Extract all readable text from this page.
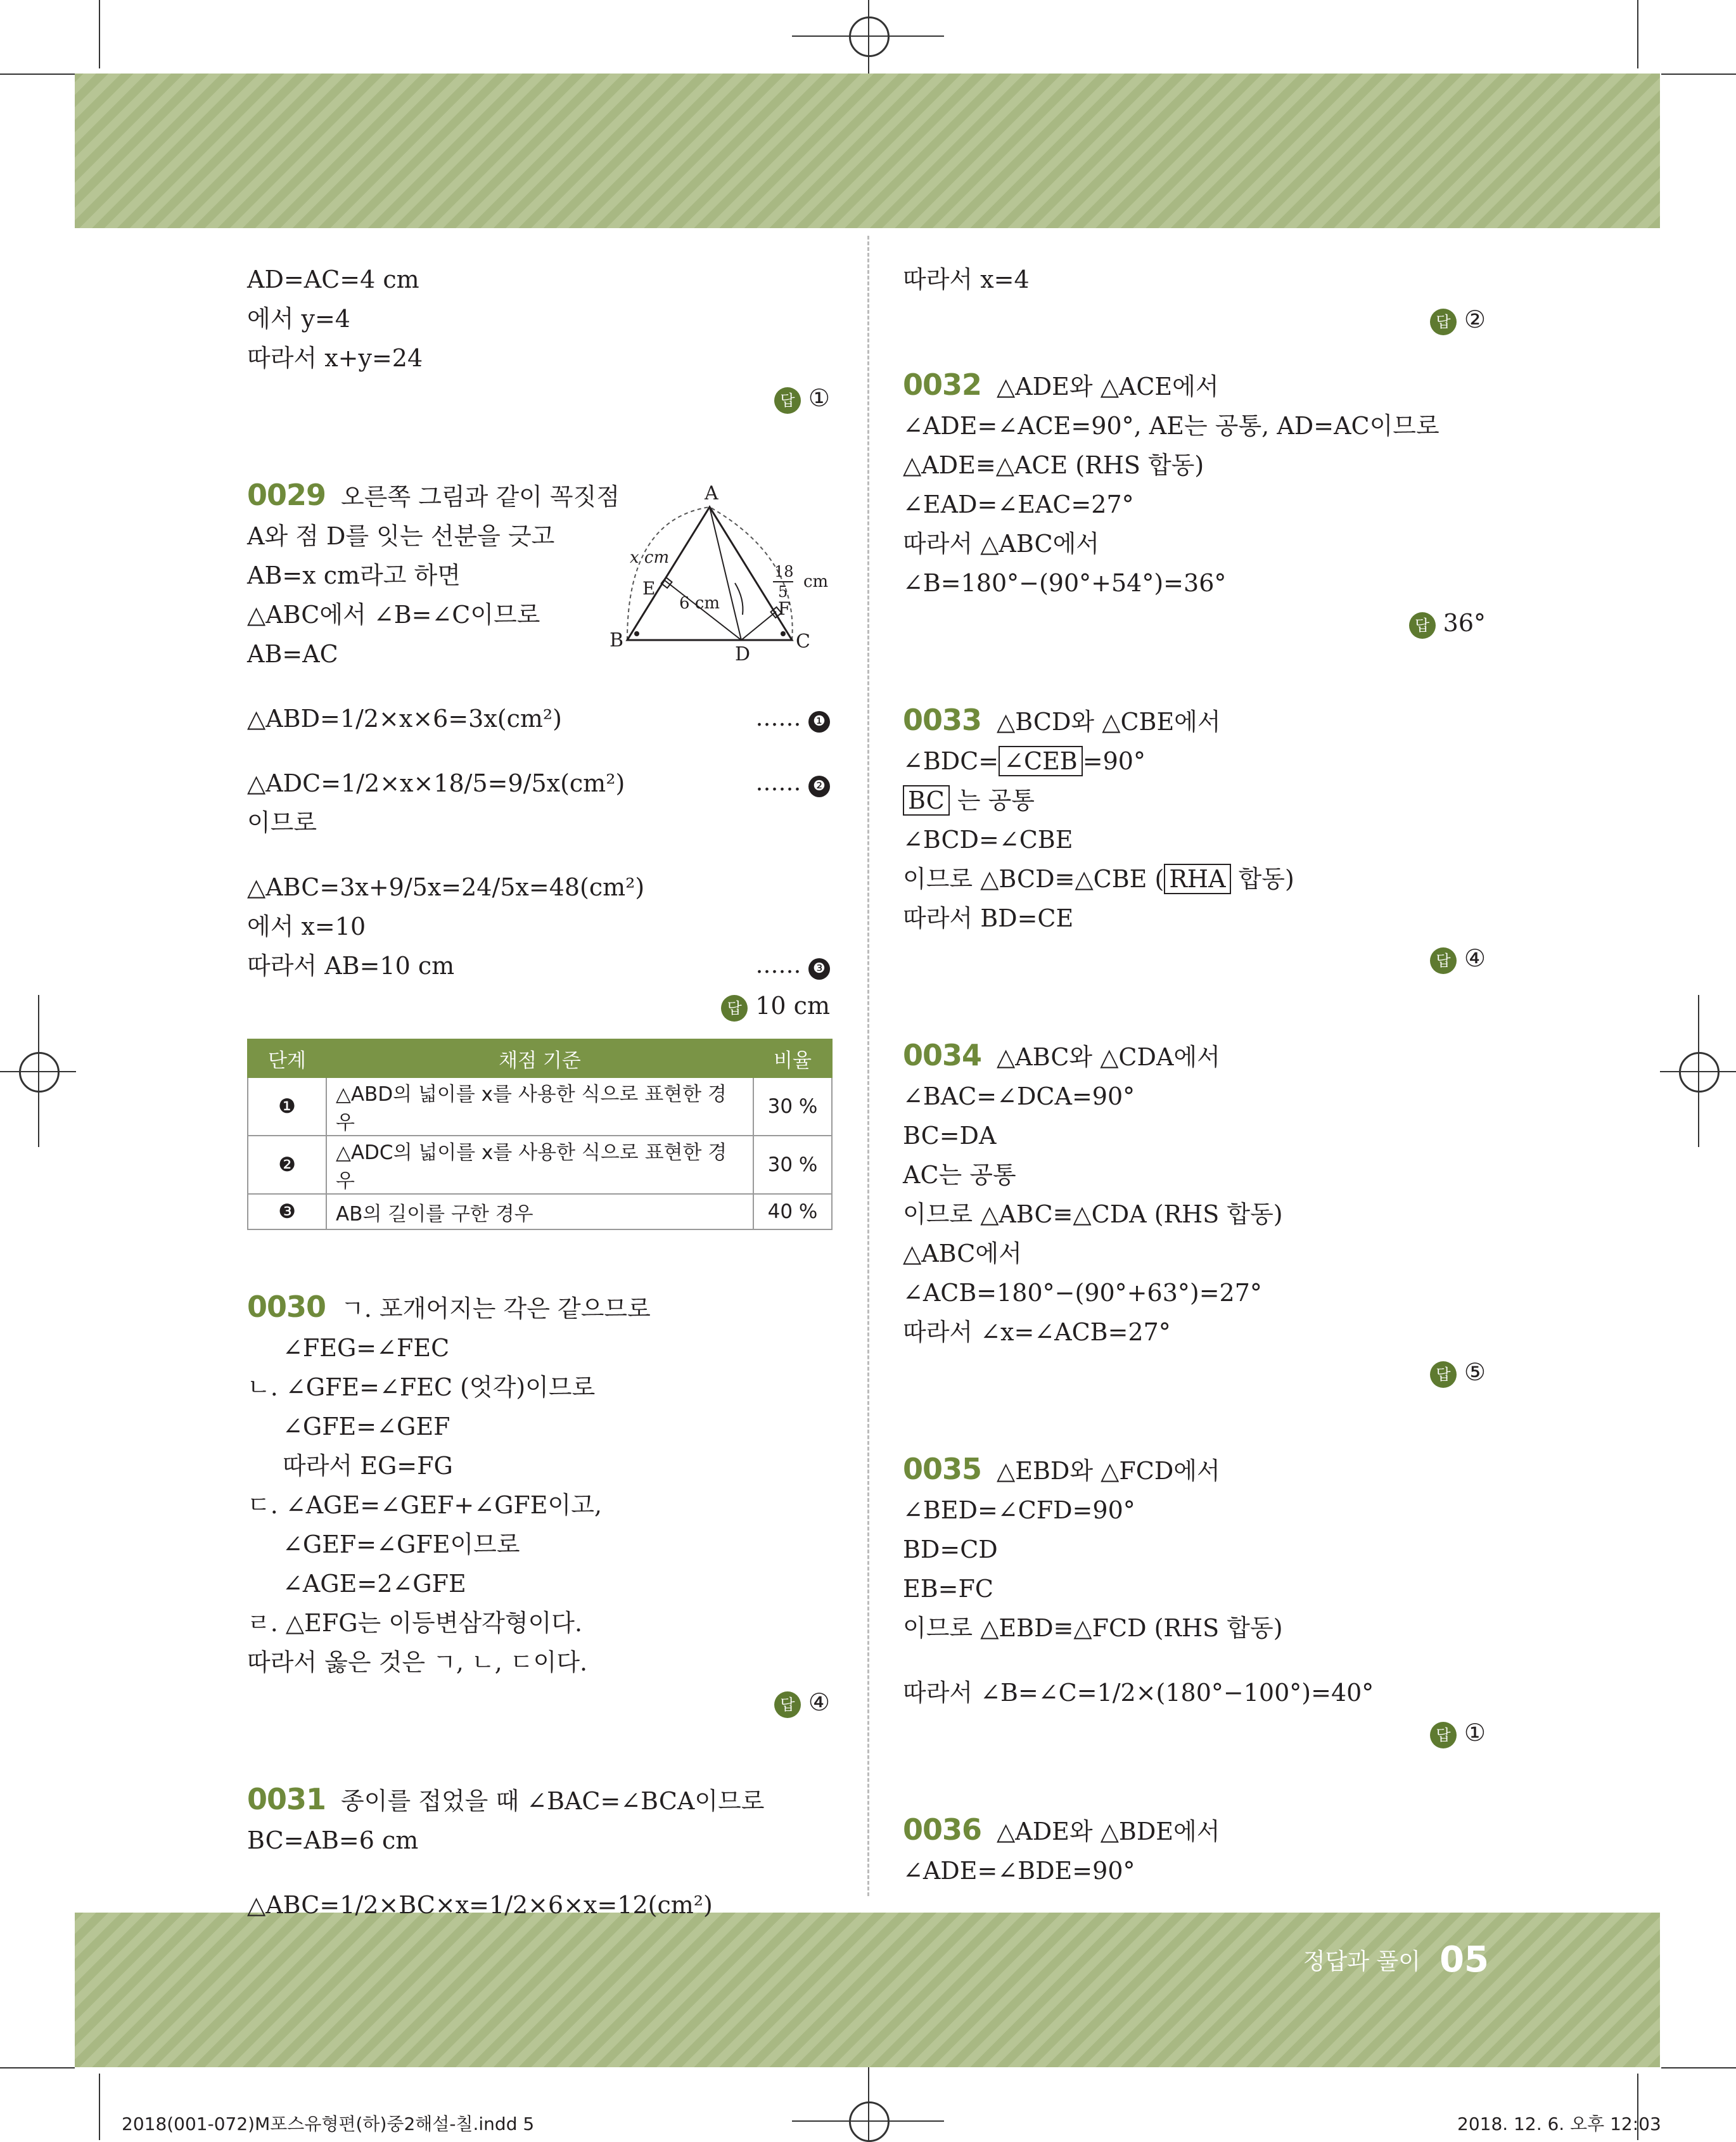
AD=AC=4 cm
에서 y=4
따라서 x+y=24
답 ①
0029 오른쪽 그림과 같이 꼭짓점
A와 점 D를 잇는 선분을 긋고
AB=x cm라고 하면
△ABC에서 ∠B=∠C이므로
AB=AC
△ABD=1/2×x×6=3x(cm²)	…… ❶
△ADC=1/2×x×18/5=9/5x(cm²)	…… ❷
이므로
△ABC=3x+9/5x=24/5x=48(cm²)
에서 x=10
따라서 AB=10 cm	…… ❸
답 10 cm
단계	채점 기준	비율
❶	△ABD의 넓이를 x를 사용한 식으로 표현한 경우	30 %
❷	△ADC의 넓이를 x를 사용한 식으로 표현한 경우	30 %
❸	AB의 길이를 구한 경우	40 %
0030 ㄱ. 포개어지는 각은 같으므로
∠FEG=∠FEC
ㄴ. ∠GFE=∠FEC (엇각)이므로
∠GFE=∠GEF
따라서 EG=FG
ㄷ. ∠AGE=∠GEF+∠GFE이고,
∠GEF=∠GFE이므로
∠AGE=2∠GFE
ㄹ. △EFG는 이등변삼각형이다.
따라서 옳은 것은 ㄱ, ㄴ, ㄷ이다.
답 ④
0031 종이를 접었을 때 ∠BAC=∠BCA이므로
BC=AB=6 cm
△ABC=1/2×BC×x=1/2×6×x=12(cm²)
A
B	C
D
E
F
x cm
6 cm
18
5
cm
따라서 x=4
답 ②
0032 △ADE와 △ACE에서
∠ADE=∠ACE=90°, AE는 공통, AD=AC이므로
△ADE≡△ACE (RHS 합동)
∠EAD=∠EAC=27°
따라서 △ABC에서
∠B=180°−(90°+54°)=36°
답 36°
0033 △BCD와 △CBE에서
∠BDC= ∠CEB =90°
BC 는 공통
∠BCD=∠CBE
이므로 △BCD≡△CBE ( RHA 합동)
따라서 BD=CE
답 ④
0034 △ABC와 △CDA에서
∠BAC=∠DCA=90°
BC=DA
AC는 공통
이므로 △ABC≡△CDA (RHS 합동)
△ABC에서
∠ACB=180°−(90°+63°)=27°
따라서 ∠x=∠ACB=27°
답 ⑤
0035 △EBD와 △FCD에서
∠BED=∠CFD=90°
BD=CD
EB=FC
이므로 △EBD≡△FCD (RHS 합동)
따라서 ∠B=∠C=1/2×(180°−100°)=40°
답 ①
0036 △ADE와 △BDE에서
∠ADE=∠BDE=90°
정답과 풀이 05
2018(001-072)M포스유형편(하)중2해설-칠.indd 5	2018. 12. 6. 오후 12:03
